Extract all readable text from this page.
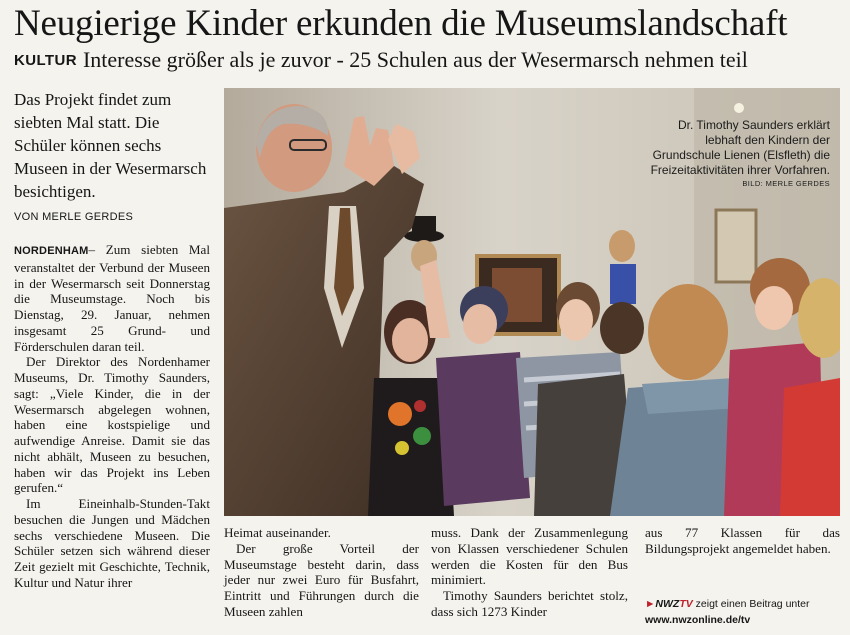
Neugierige Kinder erkunden die Museumslandschaft
KULTUR Interesse größer als je zuvor - 25 Schulen aus der Wesermarsch nehmen teil
Das Projekt findet zum siebten Mal statt. Die Schüler können sechs Museen in der Wesermarsch besichtigen.
VON MERLE GERDES

NORDENHAM– Zum siebten Mal veranstaltet der Verbund der Museen in der Wesermarsch seit Donnerstag die Museumstage. Noch bis Dienstag, 29. Januar, nehmen insgesamt 25 Grund- und Förderschulen daran teil.

Der Direktor des Nordenhamer Museums, Dr. Timothy Saunders, sagt: „Viele Kinder, die in der Wesermarsch abgelegen wohnen, haben eine kostspielige und aufwendige Anreise. Damit sie das nicht abhält, Museen zu besuchen, haben wir das Projekt ins Leben gerufen.“

Im Eineinhalb-Stunden-Takt besuchen die Jungen und Mädchen sechs verschiedene Museen. Die Schüler setzen sich während dieser Zeit gezielt mit Geschichte, Technik, Kultur und Natur ihrer

Dr. Timothy Saunders erklärt lebhaft den Kindern der Grundschule Lienen (Elsfleth) die Freizeitaktivitäten ihrer Vorfahren.
BILD: MERLE GERDES

Heimat auseinander.

Der große Vorteil der Museumstage besteht darin, dass jeder nur zwei Euro für Busfahrt, Eintritt und Führungen durch die Museen zahlen

muss. Dank der Zusammenlegung von Klassen verschiedener Schulen werden die Kosten für den Bus minimiert.

Timothy Saunders berichtet stolz, dass sich 1273 Kinder

aus 77 Klassen für das Bildungsprojekt angemeldet haben.

►NWZTV zeigt einen Beitrag unter
www.nwzonline.de/tv
